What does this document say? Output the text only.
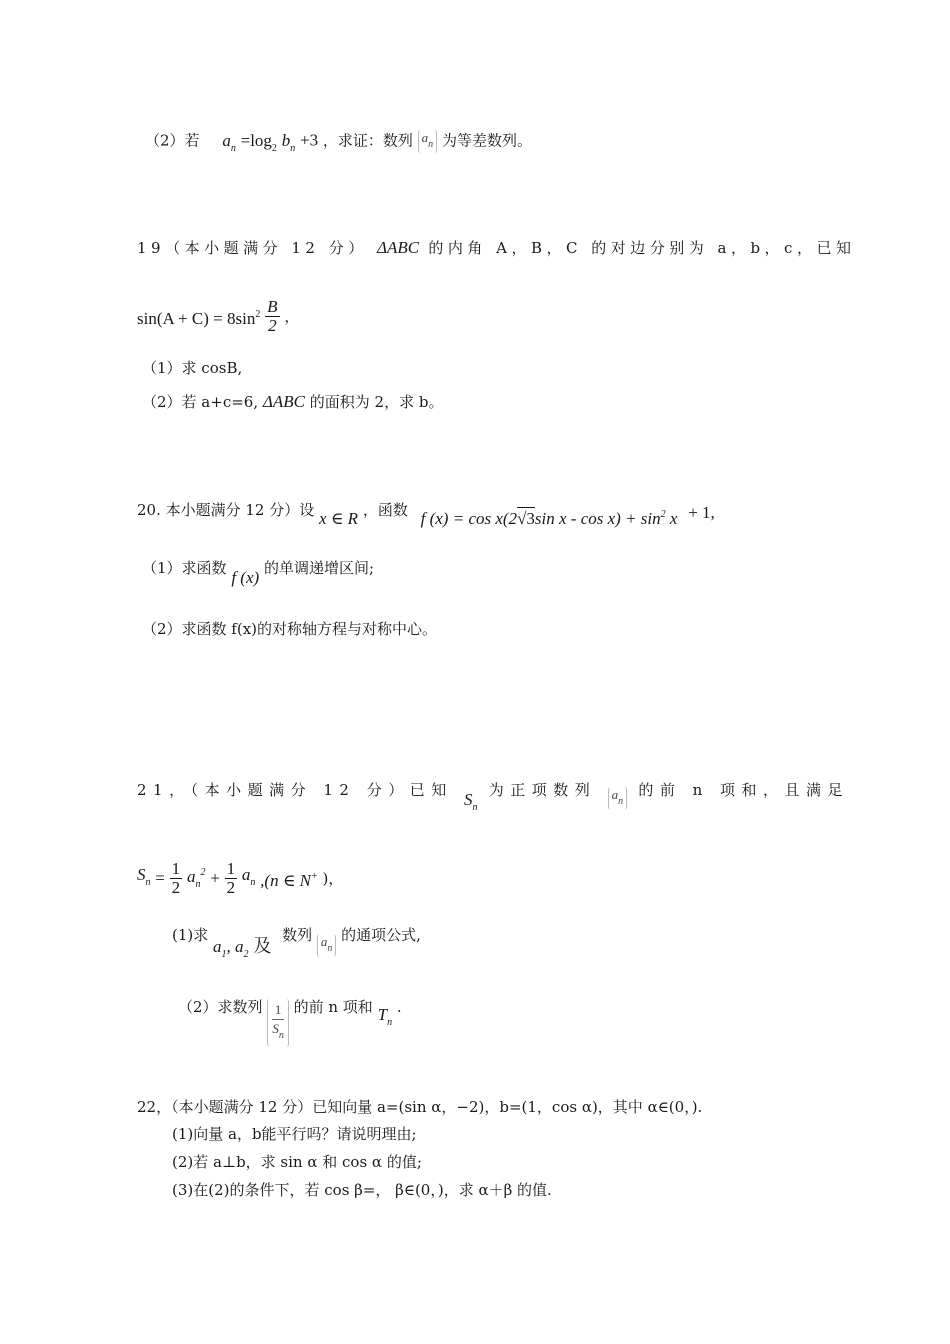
（2）若 $a_n =\log_2$ $b_n +3$ ，求证：数列 $a_n$ 为等差数列。
19（本小题满分 12 分） ΔABC 的内角 A，B，C 的对边分别为 a，b，c，已知
$\sin(A + C) = 8\sin^2 \frac{B}{2}$ ，
（1）求 cosB,
（2）若 a+c=6, ΔABC 的面积为 2，求 b。
20. 本小题满分 12 分）设 x ∈ R ，函数 f (x) = cos x(2√3sin $x - \cos x) + \sin^2 x + 1$,
（1）求函数 f (x) 的单调递增区间;
（2）求函数 f(x)的对称轴方程与对称中心。
21，（本小题满分 12 分）已知 $S_n$ 为正项数列 $a_n$ 的前 n 项和，且满足
$S_n = \frac{1}{2} a_n^2 + \frac{1}{2} a_n$ ,(n ∈ N+ )，
(1)求 $a_1$, $a_2$ 及 数列 $a_n$ 的通项公式,
（2）求数列 $\frac{1}{S_n}$ 的前 n 项和 $T_n$ .
22，（本小题满分 12 分）已知向量 a=(sin α，−2)，b=(1，cos α)，其中 α∈(0，).
(1)向量 a，b能平行吗？请说明理由;
(2)若 a⊥b，求 sin α 和 cos α 的值;
(3)在(2)的条件下，若 cos β=， β∈(0，)，求 α＋β 的值.
